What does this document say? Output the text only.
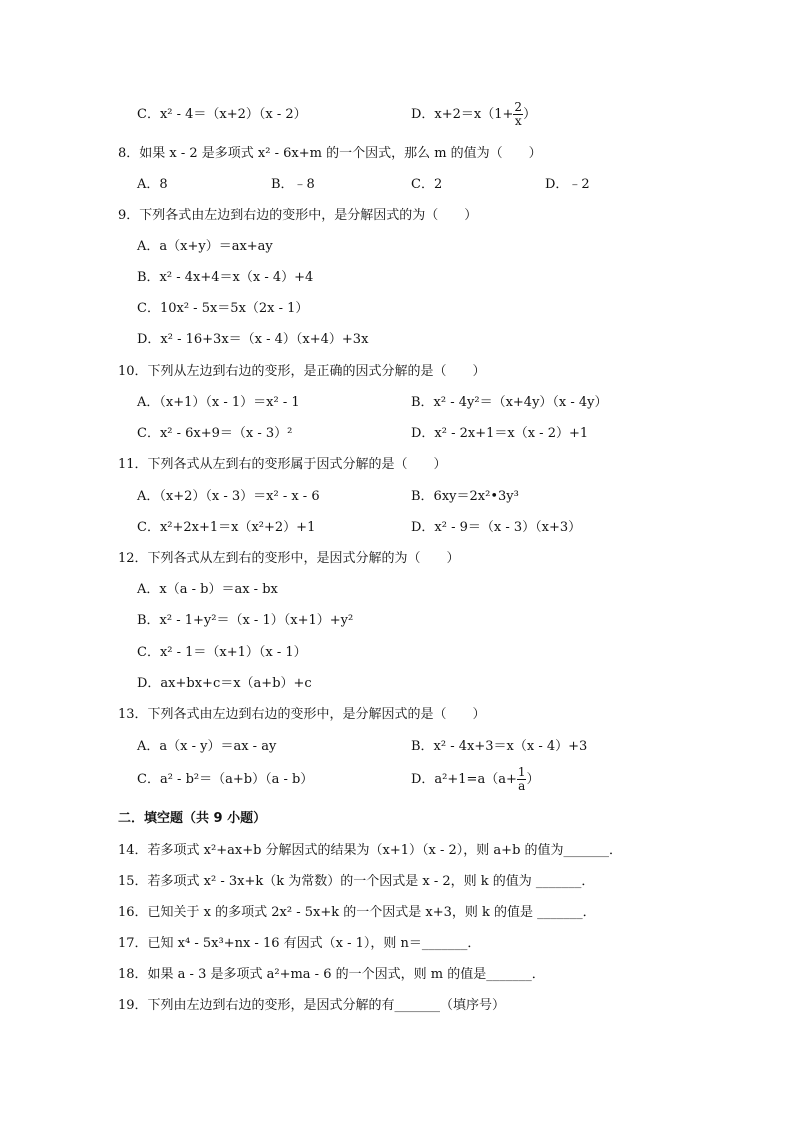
C．x² - 4＝（x+2）（x - 2）	D．$x+2=x(1+ \frac{2}{x}$ ）
8．如果 x - 2 是多项式 x² - 6x+m 的一个因式，那么 m 的值为（　　）
A．8	B．﹣8	C．2	D．﹣2
9．下列各式由左边到右边的变形中，是分解因式的为（　　）
A．a（x+y）＝ax+ay
B．x² - 4x+4＝x（x - 4）+4
C．10x² - 5x＝5x（2x - 1）
D．x² - 16+3x＝（x - 4）（x+4）+3x
10．下列从左边到右边的变形，是正确的因式分解的是（　　）
A．（x+1）（x - 1）＝x² - 1	B．x² - 4y²＝（x+4y）（x - 4y）
C．x² - 6x+9＝（x - 3）²	D．x² - 2x+1＝x（x - 2）+1
11．下列各式从左到右的变形属于因式分解的是（　　）
A．（x+2）（x - 3）＝x² - x - 6	B．6xy＝2x²•3y³
C．x²+2x+1＝x（x²+2）+1	D．x² - 9＝（x - 3）（x+3）
12．下列各式从左到右的变形中，是因式分解的为（　　）
A．x（a - b）＝ax - bx
B．x² - 1+y²＝（x - 1）（x+1）+y²
C．x² - 1＝（x+1）（x - 1）
D．ax+bx+c＝x（a+b）+c
13．下列各式由左边到右边的变形中，是分解因式的是（　　）
A．a（x - y）＝ax - ay	B．x² - 4x+3＝x（x - 4）+3
C．a² - b²＝（a+b）（a - b）	D．$a^2+1=a(a+ \frac{1}{a}$ ）
二．填空题（共 9 小题）
14．若多项式 x²+ax+b 分解因式的结果为（x+1）（x - 2），则 a+b 的值为_______．
15．若多项式 x² - 3x+k（k 为常数）的一个因式是 x - 2，则 k 的值为 _______．
16．已知关于 x 的多项式 2x² - 5x+k 的一个因式是 x+3，则 k 的值是 _______．
17．已知 x⁴ - 5x³+nx - 16 有因式（x - 1），则 n＝_______．
18．如果 a - 3 是多项式 a²+ma - 6 的一个因式，则 m 的值是_______．
19．下列由左边到右边的变形，是因式分解的有_______（填序号）
